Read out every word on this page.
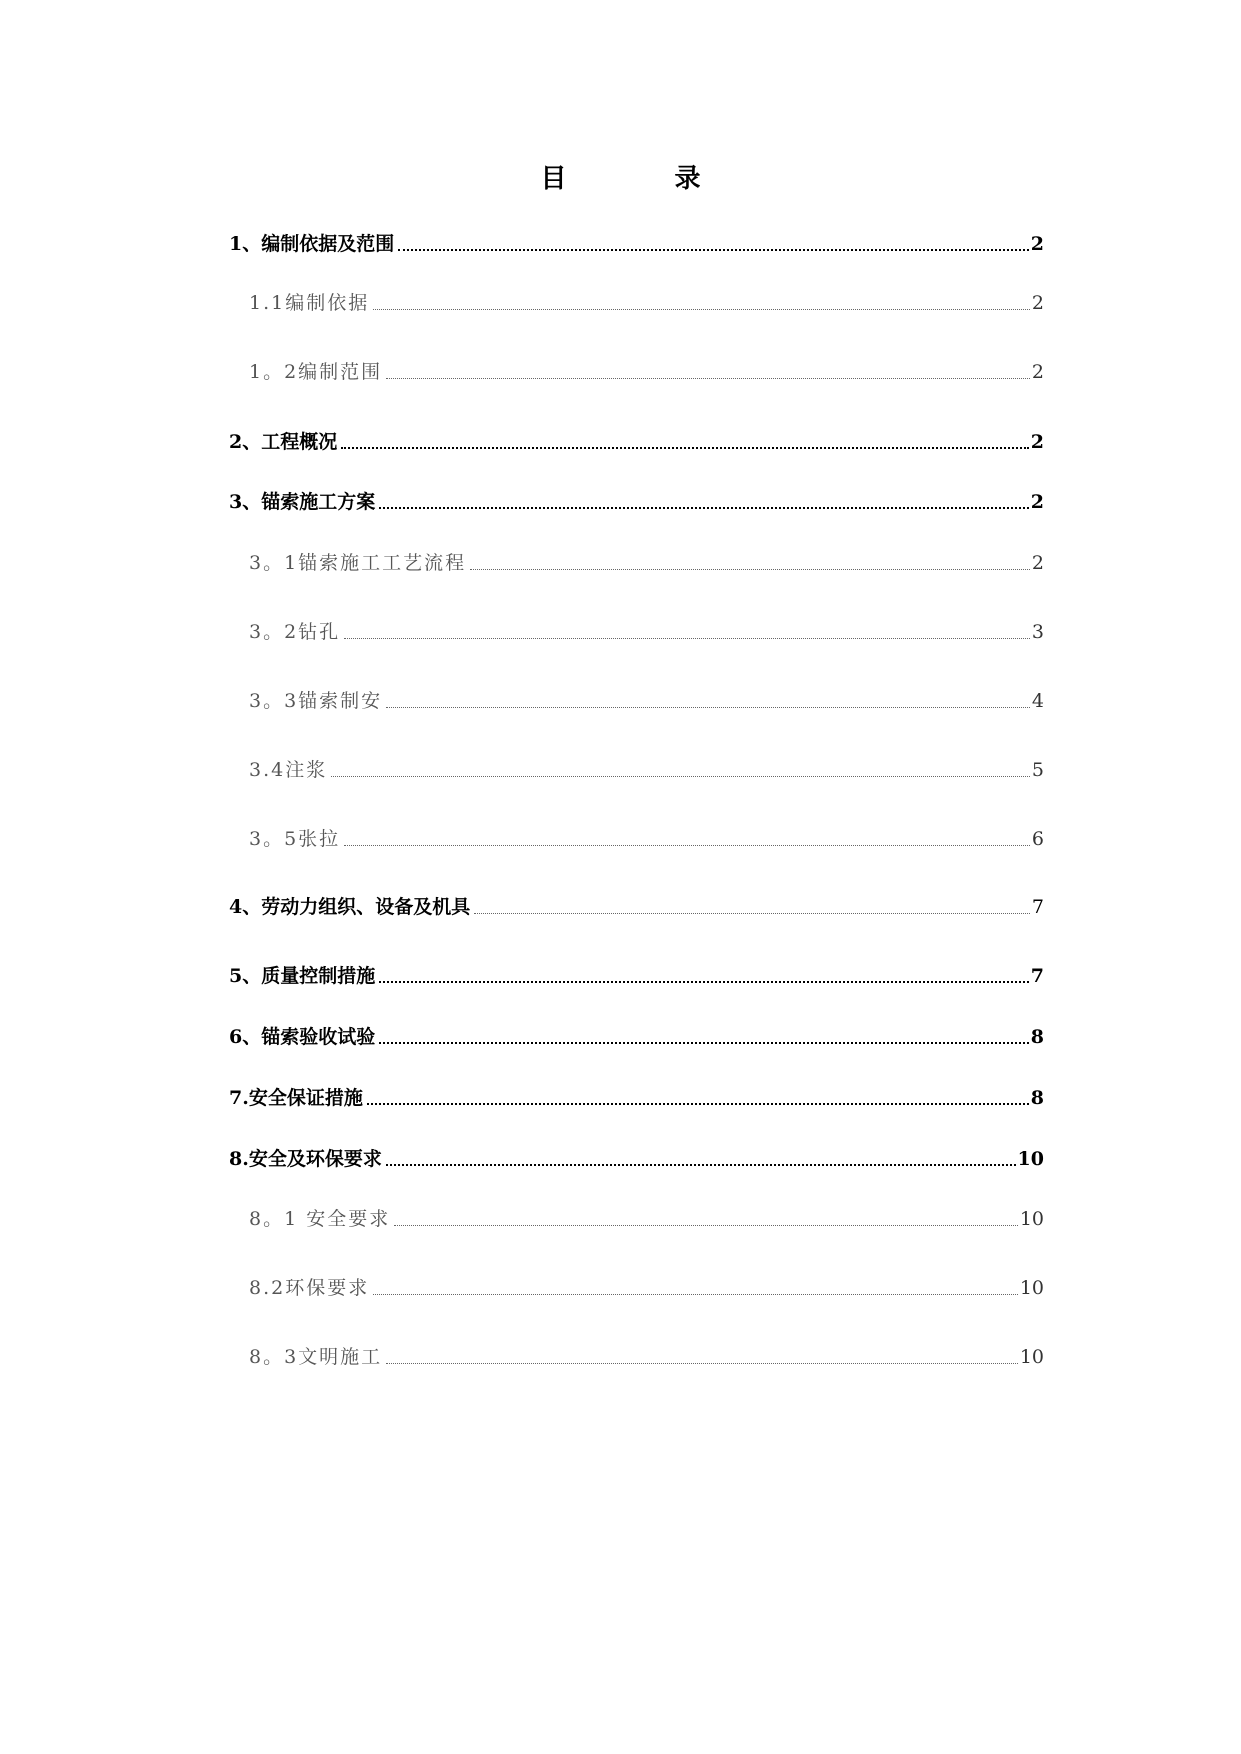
目	录
1、编制依据及范围	2
1.1编制依据	2
1。2编制范围	2
2、工程概况	2
3、锚索施工方案	2
3。1锚索施工工艺流程	2
3。2钻孔	3
3。3锚索制安	4
3.4注浆	5
3。5张拉	6
4、劳动力组织、设备及机具	7
5、质量控制措施	7
6、锚索验收试验	8
7.安全保证措施	8
8.安全及环保要求	10
8。1 安全要求	10
8.2环保要求	10
8。3文明施工	10
